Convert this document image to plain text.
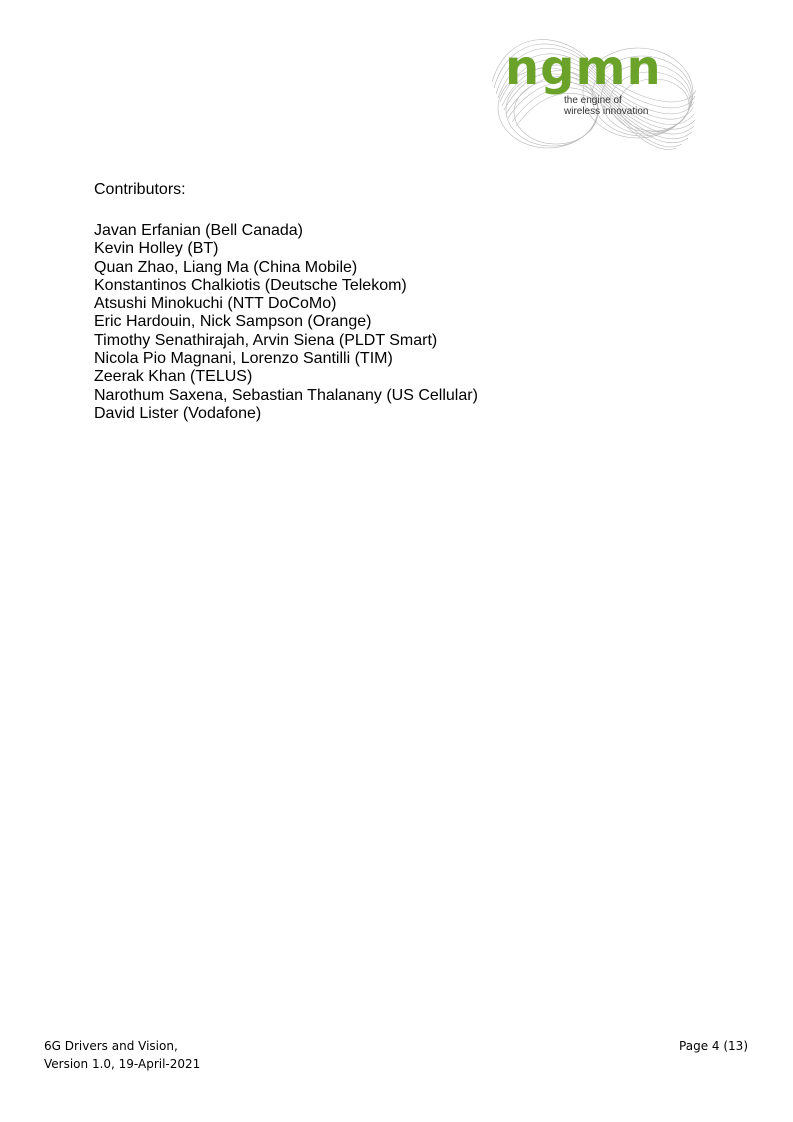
ngmn
the engine of
wireless innovation
Contributors:
Javan Erfanian (Bell Canada)
Kevin Holley (BT)
Quan Zhao, Liang Ma (China Mobile)
Konstantinos Chalkiotis (Deutsche Telekom)
Atsushi Minokuchi (NTT DoCoMo)
Eric Hardouin, Nick Sampson (Orange)
Timothy Senathirajah, Arvin Siena (PLDT Smart)
Nicola Pio Magnani, Lorenzo Santilli (TIM)
Zeerak Khan (TELUS)
Narothum Saxena, Sebastian Thalanany (US Cellular)
David Lister (Vodafone)
6G Drivers and Vision,
Version 1.0, 19-April-2021
Page 4 (13)
